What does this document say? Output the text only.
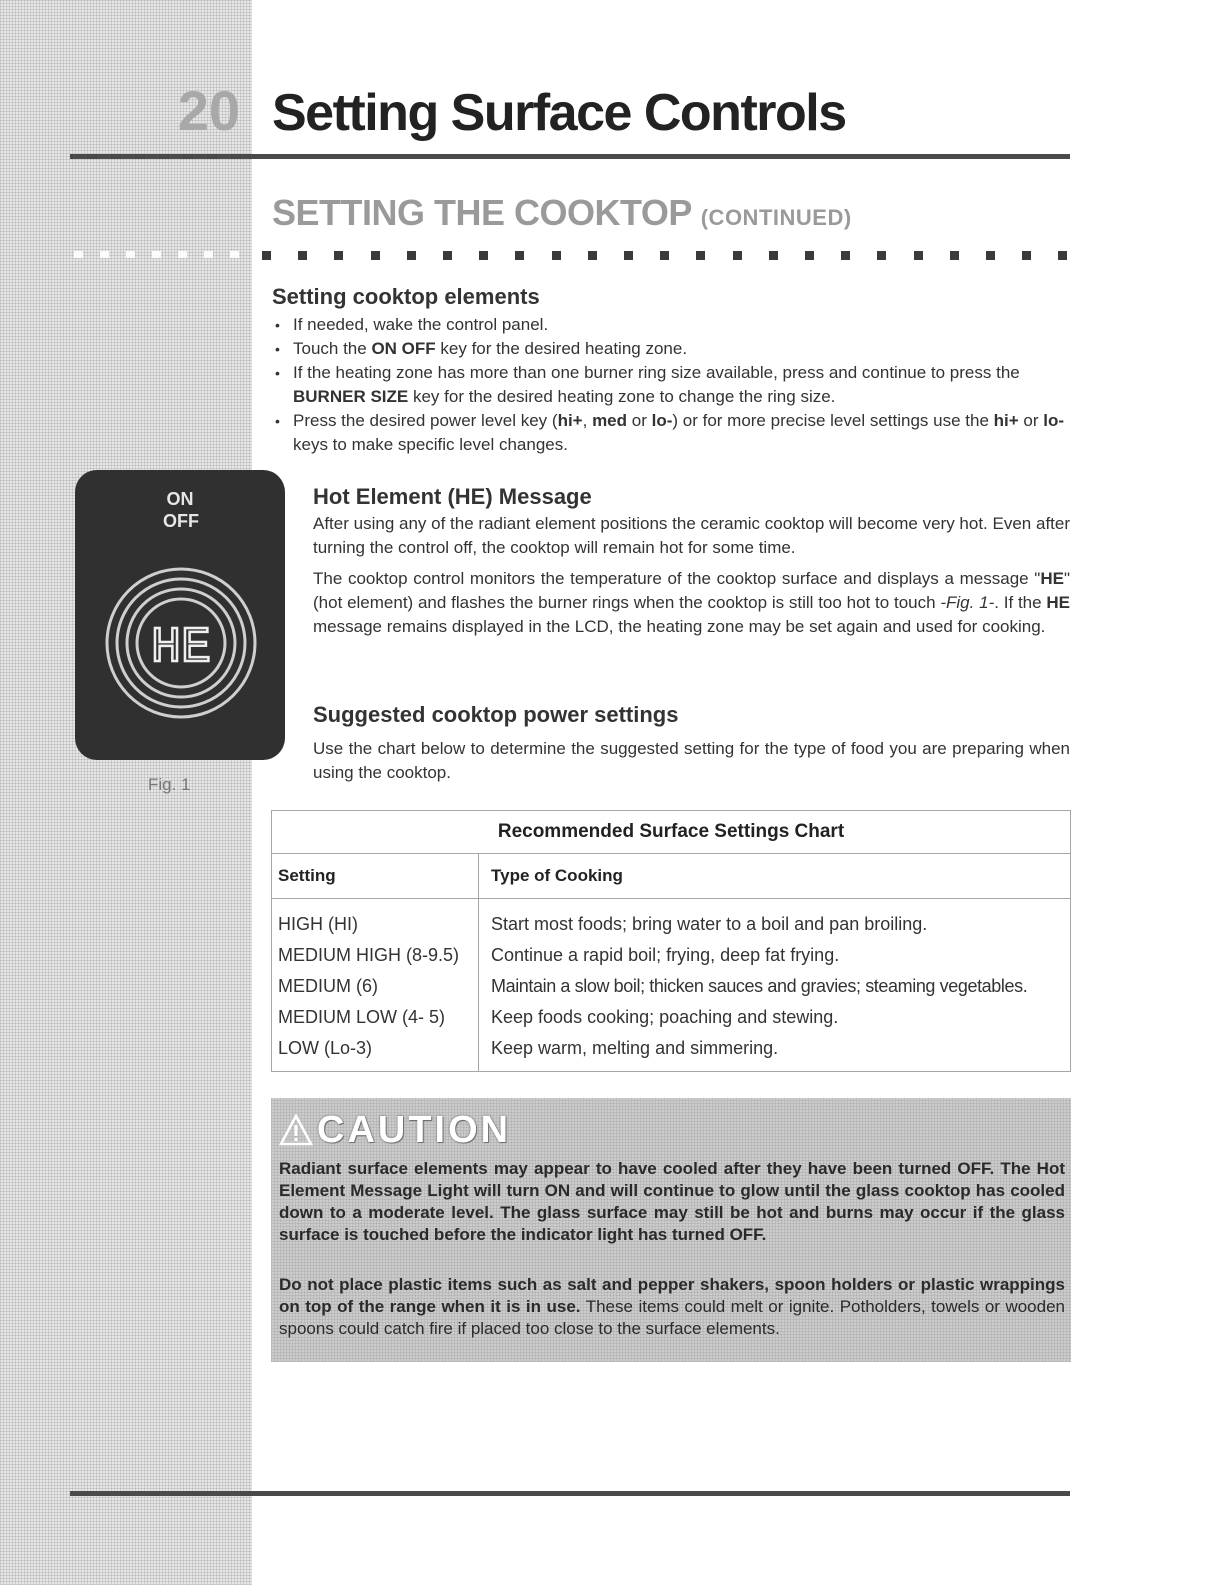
20 Setting Surface Controls
SETTING THE COOKTOP (CONTINUED)
Setting cooktop elements
• If needed, wake the control panel.
• Touch the ON OFF key for the desired heating zone.
• If the heating zone has more than one burner ring size available, press and continue to press the BURNER SIZE key for the desired heating zone to change the ring size.
• Press the desired power level key (hi+, med or lo-) or for more precise level settings use the hi+ or lo- keys to make specific level changes.
ON
OFF
HE
Fig. 1
Hot Element (HE) Message

After using any of the radiant element positions the ceramic cooktop will become very hot. Even after turning the control off, the cooktop will remain hot for some time.

The cooktop control monitors the temperature of the cooktop surface and displays a message "HE" (hot element) and flashes the burner rings when the cooktop is still too hot to touch -Fig. 1-. If the HE message remains displayed in the LCD, the heating zone may be set again and used for cooking.

Suggested cooktop power settings

Use the chart below to determine the suggested setting for the type of food you are preparing when using the cooktop.

Recommended Surface Settings Chart
Setting	Type of Cooking
HIGH (HI)	Start most foods; bring water to a boil and pan broiling.
MEDIUM HIGH (8-9.5) Continue a rapid boil; frying, deep fat frying.
MEDIUM (6)	Maintain a slow boil; thicken sauces and gravies; steaming vegetables.
MEDIUM LOW (4- 5)	Keep foods cooking; poaching and stewing.
LOW (Lo-3)	Keep warm, melting and simmering.
CAUTION

Radiant surface elements may appear to have cooled after they have been turned OFF. The Hot Element Message Light will turn ON and will continue to glow until the glass cooktop has cooled down to a moderate level. The glass surface may still be hot and burns may occur if the glass surface is touched before the indicator light has turned OFF.

Do not place plastic items such as salt and pepper shakers, spoon holders or plastic wrappings on top of the range when it is in use. These items could melt or ignite. Potholders, towels or wooden spoons could catch fire if placed too close to the surface elements.
